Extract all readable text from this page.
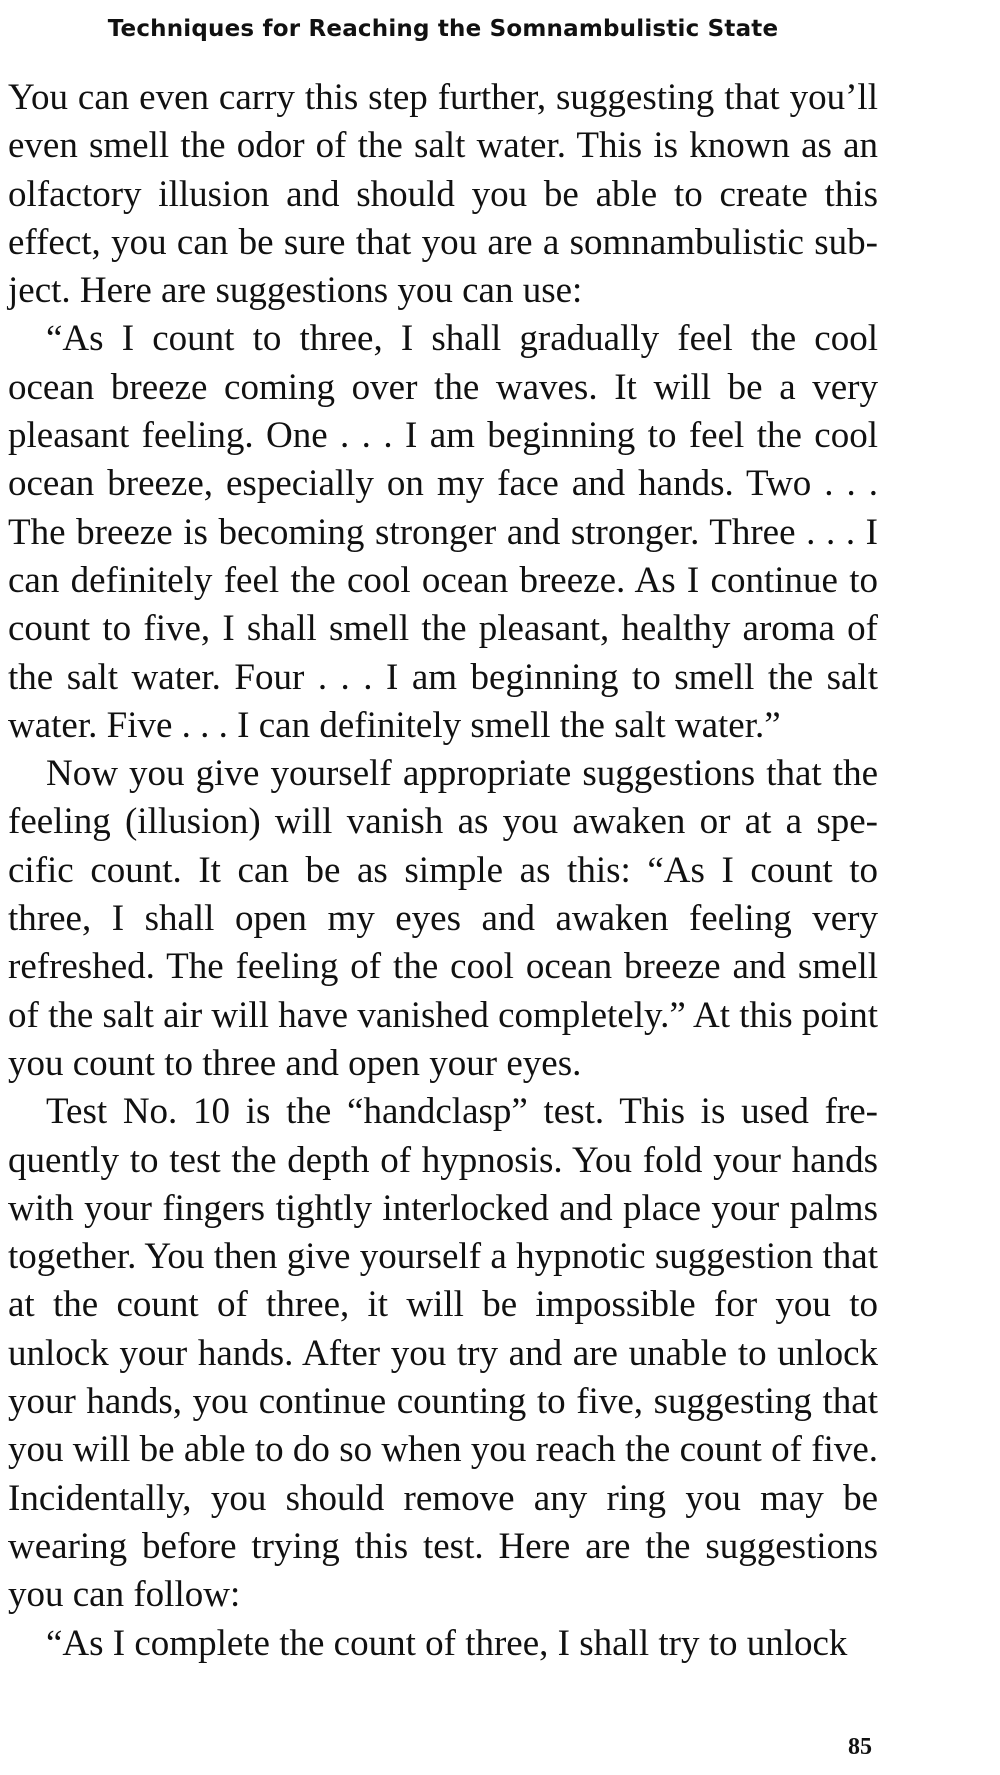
Techniques for Reaching the Somnambulistic State

You can even carry this step further, suggesting that you’ll even smell the odor of the salt water. This is known as an olfactory illusion and should you be able to create this effect, you can be sure that you are a somnambulistic subject. Here are suggestions you can use:

“As I count to three, I shall gradually feel the cool ocean breeze coming over the waves. It will be a very pleasant feeling. One . . . I am beginning to feel the cool ocean breeze, especially on my face and hands. Two . . . The breeze is becoming stronger and stronger. Three . . . I can definitely feel the cool ocean breeze. As I continue to count to five, I shall smell the pleasant, healthy aroma of the salt water. Four . . . I am beginning to smell the salt water. Five . . . I can definitely smell the salt water.”

Now you give yourself appropriate suggestions that the feeling (illusion) will vanish as you awaken or at a specific count. It can be as simple as this: “As I count to three, I shall open my eyes and awaken feeling very refreshed. The feeling of the cool ocean breeze and smell of the salt air will have vanished completely.” At this point you count to three and open your eyes.

Test No. 10 is the “handclasp” test. This is used frequently to test the depth of hypnosis. You fold your hands with your fingers tightly interlocked and place your palms together. You then give yourself a hypnotic suggestion that at the count of three, it will be impossible for you to unlock your hands. After you try and are unable to unlock your hands, you continue counting to five, suggesting that you will be able to do so when you reach the count of five. Incidentally, you should remove any ring you may be wearing before trying this test. Here are the suggestions you can follow:

“As I complete the count of three, I shall try to unlock

85
